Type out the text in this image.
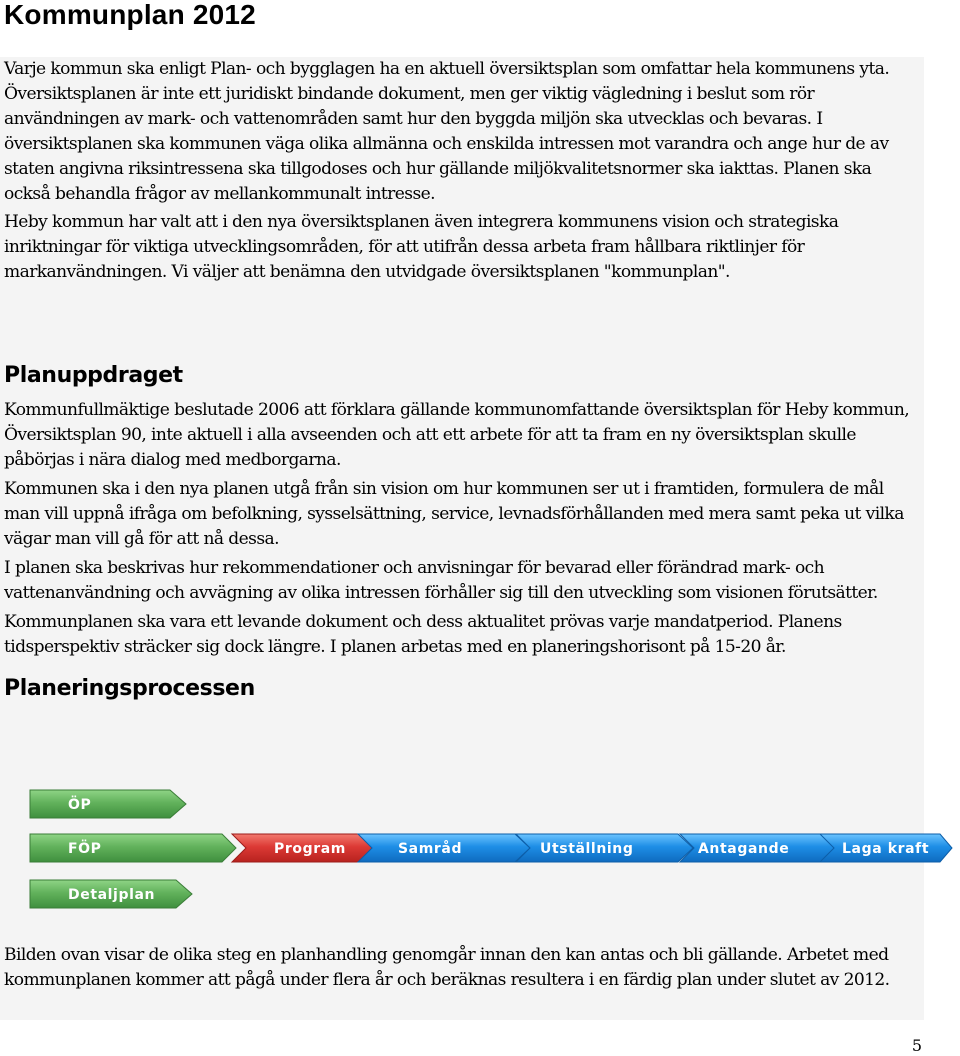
Kommunplan 2012

Varje kommun ska enligt Plan- och bygglagen ha en aktuell översiktsplan som omfattar hela kommunens yta. Översiktsplanen är inte ett juridiskt bindande dokument, men ger viktig vägledning i beslut som rör användningen av mark- och vattenområden samt hur den byggda miljön ska utvecklas och bevaras. I översiktsplanen ska kommunen väga olika allmänna och enskilda intressen mot varandra och ange hur de av staten angivna riksintressena ska tillgodoses och hur gällande miljökvalitetsnormer ska iakttas. Planen ska också behandla frågor av mellankommunalt intresse.

Heby kommun har valt att i den nya översiktsplanen även integrera kommunens vision och strategiska inriktningar för viktiga utvecklingsområden, för att utifrån dessa arbeta fram hållbara riktlinjer för markanvändningen. Vi väljer att benämna den utvidgade översiktsplanen "kommunplan".

Planuppdraget

Kommunfullmäktige beslutade 2006 att förklara gällande kommunomfattande översiktsplan för Heby kommun, Översiktsplan 90, inte aktuell i alla avseenden och att ett arbete för att ta fram en ny översiktsplan skulle påbörjas i nära dialog med medborgarna.

Kommunen ska i den nya planen utgå från sin vision om hur kommunen ser ut i framtiden, formulera de mål man vill uppnå ifråga om befolkning, sysselsättning, service, levnadsförhållanden med mera samt peka ut vilka vägar man vill gå för att nå dessa.

I planen ska beskrivas hur rekommendationer och anvisningar för bevarad eller förändrad mark- och vattenanvändning och avvägning av olika intressen förhåller sig till den utveckling som visionen förutsätter.

Kommunplanen ska vara ett levande dokument och dess aktualitet prövas varje mandatperiod. Planens tidsperspektiv sträcker sig dock längre. I planen arbetas med en planeringshorisont på 15-20 år.

Planeringsprocessen
ÖP
FÖP	Program	Samråd	Utställning	Antagande	Laga kraft
Detaljplan

Bilden ovan visar de olika steg en planhandling genomgår innan den kan antas och bli gällande. Arbetet med kommunplanen kommer att pågå under flera år och beräknas resultera i en färdig plan under slutet av 2012.

5
